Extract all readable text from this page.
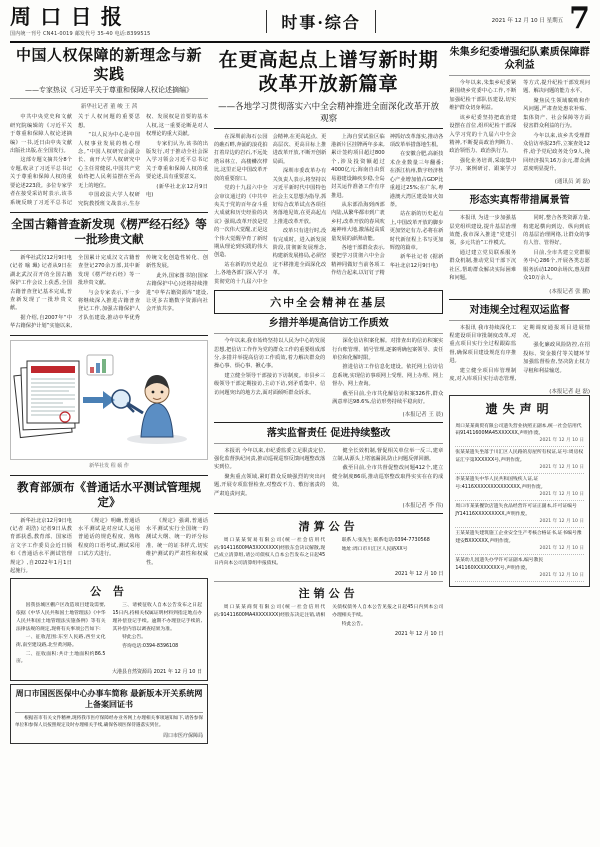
周 口 日 报
国内统一刊号 CN41-0019 邮发代号 35-40 电话:8399515
时事·综合	2021 年 12 月 10 日 星期五 7
中国人权保障的新理念与新实践
——专家热议《习近平关于尊重和保障人权论述摘编》
新华社记者 董 峻 王 茜

中共中央党史和文献研究院编辑的《习近平关于尊重和保障人权论述摘编》一书,近日由中央文献出版社出版,在全国发行。

这部专题文摘共分8个专题,收录了习近平总书记关于尊重和保障人权的重要论述223段。多位专家学者在接受采访时表示,该书系统反映了习近平总书记关于人权问题的重要思想。

“以人民为中心是中国人权事业发展的核心理念。”中国人权研究会副会长、南开大学人权研究中心主任常健说,中国共产党始终把人民利益摆在至高无上的地位。

中国政法大学人权研究院教授班文战表示,生存权、发展权是首要的基本人权,这一重要论断是对人权理论的重大贡献。

专家们认为,该书的出版发行,对于推动全社会深入学习领会习近平总书记关于尊重和保障人权的重要论述,具有重要意义。

(新华社北京12月9日电)

全国古籍普查新发现《楞严经石经》等一批珍贵文献

新华社武汉12月9日电(记者 喻 珮) 记者从9日在湖北武汉召开的全国古籍保护工作会议上获悉,全国古籍普查登记基本完成,普查新发现了一批珍贵文献。

据介绍,自2007年“中华古籍保护计划”实施以来,全国累计完成汉文古籍普查登记270余万部,其中新发现《楞严经石经》等一批珍贵文献。

与会专家表示,下一步将继续深入推进古籍普查登记工作,加强古籍保护人才队伍建设,推动中华优秀传统文化创造性转化、创新性发展。

此外,国家图书馆(国家古籍保护中心)还将持续推进“中华古籍资源库”建设,让更多古籍数字资源向社会开放共享。

新华社发 程 硕 作
教育部颁布《普通话水平测试管理规定》

新华社北京12月9日电(记者 胡浩) 记者9日从教育部获悉,教育部、国家语言文字工作委员会近日颁布《普通话水平测试管理规定》,自2022年1月1日起施行。

《规定》明确,普通话水平测试是对应试人运用普通话的规范程度、熟练程度的口语考试,测试采用口试方式进行。

《规定》强调,普通话水平测试实行全国统一的测试大纲、统一的评分标准、统一的证书样式,切实维护测试的严肃性和权威性。

公 告

因我县城区棚户区改造项目建设需要,依据《中华人民共和国土地管理法》《中华人民共和国土地管理法实施条例》等有关法律法规的规定,现将有关事项公告如下:

一、征收范围:东至人民路,西至文化街,南至建设路,北至黄河路。

二、征收面积:共计土地面积约86.5亩。

三、请被征收人自本公告发布之日起15日内,持相关权属证明材料到指定地点办理补偿登记手续。逾期不办理登记手续的,其补偿内容以调查结果为准。

特此公告。

咨询电话:0394-8396108

大港县自然资源局 2021 年 12 月 10 日
周口市国医医保中心办事车简称 最新版本开关系统网上备案回证书

根据省市有关文件精神,现将我市医疗保障经办业务网上办理相关事项通知如下,请各参保单位和参保人员按照规定及时办理相关手续,确保各项医保待遇落实到位。

周口市医疗保障局
在更高起点上谱写新时期改革开放新篇章
——各地学习贯彻落实六中全会精神推进全面深化改革开放观察

在深圳前海石公园的礁石畔,奔涌的浪花拍打着岸边的岩石,不远处塔吊林立、高楼鳞次栉比,这里正是中国改革开放的重要窗口。

党的十九届六中全会审议通过的《中共中央关于党的百年奋斗重大成就和历史经验的决议》强调,改革开放是党的一次伟大觉醒,正是这个伟大觉醒孕育了新时期从理论到实践的伟大创造。

站在新的历史起点上,各地各部门深入学习贯彻党的十九届六中全会精神,在更高起点、更高层次、更高目标上推进改革开放,不断开创新局面。

深圳市委改革办有关负责人表示,将坚持以习近平新时代中国特色社会主义思想为指导,抓好综合改革试点各项任务落地见效,在更高起点上推进改革开放。

改革只有进行时,没有完成时。进入新发展阶段,贯彻新发展理念,构建新发展格局,必须坚定不移推进全面深化改革。

上海自贸试验区临港新片区挂牌两年多来,累计签约项目超过800个,涉及投资额超过4000亿元;海南自由贸易港建设蹄疾步稳,全岛封关运作准备工作有序推进。

从东部沿海到西部内陆,从繁华都市到广袤乡村,改革开放的春风吹遍神州大地,激荡起高质量发展的澎湃动能。

各地干部群众表示,要把学习贯彻六中全会精神同做好当前各项工作结合起来,以钉钉子精神抓好改革落实,推动各项改革举措落地生根。

在安徽合肥,高新技术企业数量三年翻番;在浙江杭州,数字经济核心产业增加值占GDP比重超过25%;在广东,粤港澳大湾区建设如火如荼。

站在新的历史起点上,中国改革开放的脚步更加坚定有力,必将在新时代新征程上书写更加辉煌的篇章。

新华社记者 (据新华社北京12月9日电)

六中全会精神在基层
乡措并举堤高信访工作质效

今年以来,我市始终坚持以人民为中心的发展思想,把信访工作作为党的群众工作的重要组成部分,多措并举提高信访工作质效,着力解决群众的操心事、烦心事、揪心事。

建立健全领导干部接访下访制度。市县乡三级领导干部定期接访,主动下访,到矛盾集中、信访问题突出的地方去,面对面倾听群众诉求。

深化信访积案化解。对排查出的信访积案实行台账管理、销号管理,逐案明确包案领导、责任单位和化解时限。

推进信访工作信息化建设。依托网上信访信息系统,实现信访事项网上受理、网上办理、网上督办、网上查询。

截至目前,全市共化解信访积案326件,群众满意率达98.6%,信访形势持续平稳向好。

(本报记者 王 晨)
落实监督责任 促进持续整改

本报讯 今年以来,市纪委监委立足职责定位,强化监督执纪问责,推动巡视巡察反馈问题整改落实到位。

聚焦重点领域,紧盯群众反映强烈的突出问题,开展专项监督检查,对整改不力、敷衍塞责的严肃追责问责。

健全长效机制,督促相关单位举一反三,建章立制,从源头上堵塞漏洞,防止问题反弹回潮。

截至目前,全市共督促整改问题412个,建立健全制度86项,推动巡察整改取得实实在在的成效。

(本报记者 李 伟)
清算公告

周口某某贸易有限公司(统一社会信用代码:91411600MA3XXXXXXX)经股东会决议解散,现已成立清算组,请公司债权人自本公告发布之日起45日内向本公司清算组申报债权。

联系人:张先生 联系电话:0394-7730568

地址:周口市川汇区人民路XX号

2021 年 12 月 10 日
注销公告

周口某某商贸有限公司(统一社会信用代码:91411600MA4XXXXXXX)经股东决定注销,请相关债权债务人自本公告见报之日起45日内到本公司办理相关手续。

特此公告。

2021 年 12 月 10 日
朱集乡纪委增强纪队素质保障群众利益

今年以来,朱集乡纪委紧紧围绕乡党委中心工作,不断加强纪检干部队伍建设,切实维护群众切身利益。

该乡纪委坚持把政治建设摆在首位,组织纪检干部深入学习党的十九届六中全会精神,不断提高政治判断力、政治领悟力、政治执行力。

强化业务培训,采取集中学习、案例研讨、跟案学习等方式,提升纪检干部发现问题、解决问题的能力水平。

聚焦民生领域腐败和作风问题,严肃查处惠农补贴、集体资产、社会保障等方面侵害群众利益的行为。

今年以来,该乡共受理群众信访举报23件,立案查处12件,给予党纪政务处分9人,挽回经济损失16万余元,群众满意度明显提升。

(通讯员 刘 磊)
形态实真帮带措属景管

本报讯 为进一步加强基层党组织建设,提升基层治理效能,我市深入推进“党建引领、多元共治”工作模式。

通过建立党员联系服务群众机制,推动党员干部下沉社区,帮助群众解决实际困难和问题。

同时,整合各类资源力量,构建起横向到边、纵向到底的基层治理网络,让群众的事有人管、管得好。

目前,全市共建立党群服务中心286个,开展各类志愿服务活动1200余场次,惠及群众10万余人。

(本报记者 张 鹏)
对违规全过程双运监督

本报讯 我市持续深化工程建设项目审批制度改革,对重点项目实行全过程跟踪监督,确保项目建设规范有序推进。

建立健全项目库管理制度,对入库项目实行动态管理,定期调度通报项目进展情况。

强化廉政风险防控,在招投标、资金拨付等关键环节加强监督检查,坚决防止权力寻租和利益输送。

(本报记者 赵 磊)
遗失声明
周口某某商贸有限公司遗失营业执照正副本,统一社会信用代码91411600MA45XXXXXX,声明作废。
2021 年 12 月 10 日
张某某遗失坐落于川汇区人民路的房屋所有权证,证号:周房权证汇字第XXXXXX号,声明作废。
2021 年 12 月 10 日
李某某遗失中华人民共和国残疾人证,证号:4116XXXXXXXXXXXXXX,声明作废。
2021 年 12 月 10 日
周口市某某餐饮店遗失食品经营许可证正副本,许可证编号JY14116XXXXXXXXX,声明作废。
2021 年 12 月 10 日
王某某遗失建筑施工企业安全生产考核合格证书,证书编号豫建安BXXXXXX,声明作废。
2021 年 12 月 10 日
某某幼儿园遗失办学许可证副本,编号教民141160XXXXXXXX号,声明作废。
2021 年 12 月 10 日
